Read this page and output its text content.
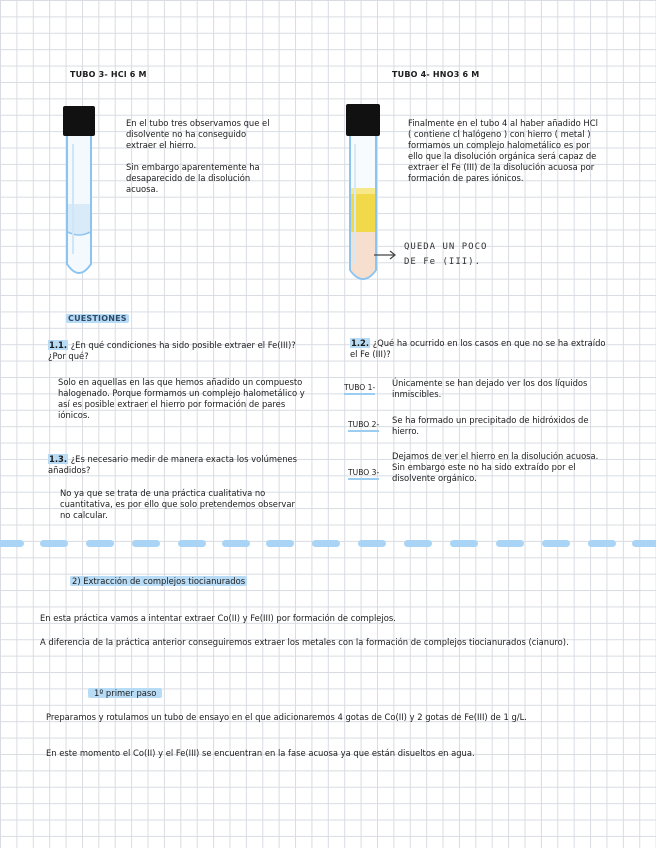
TUBO 3- HCl 6 M
En el tubo tres observamos que el disolvente no ha conseguido extraer el hierro.

Sin embargo aparentemente ha desaparecido de la disolución acuosa.
TUBO 4- HNO3 6 M
Finalmente en el tubo 4 al haber añadido HCl ( contiene cl halógeno ) con hierro ( metal ) formamos un complejo halometálico es por ello que la disolución orgánica será capaz de extraer el Fe (III) de la disolución acuosa por formación de pares iónicos.
QUEDA UN POCO
DE Fe (III).
CUESTIONES
1.1. ¿En qué condiciones ha sido posible extraer el Fe(III)? ¿Por qué?
Solo en aquellas en las que hemos añadido un compuesto halogenado. Porque formamos un complejo halometálico y así es posible extraer el hierro por formación de pares iónicos.
1.3. ¿Es necesario medir de manera exacta los volúmenes añadidos?
No ya que se trata de una práctica cualitativa no cuantitativa, es por ello que solo pretendemos observar no calcular.
1.2. ¿Qué ha ocurrido en los casos en que no se ha extraído el Fe (III)?
TUBO 1- Únicamente se han dejado ver los dos líquidos inmiscibles.
TUBO 2- Se ha formado un precipitado de hidróxidos de hierro.
TUBO 3-
Dejamos de ver el hierro en la disolución acuosa. Sin embargo este no ha sido extraído por el disolvente orgánico.
2) Extracción de complejos tiocianurados
En esta práctica vamos a intentar extraer Co(II) y Fe(III) por formación de complejos.
A diferencia de la práctica anterior conseguiremos extraer los metales con la formación de complejos tiocianurados (cianuro).
1º primer paso
Preparamos y rotulamos un tubo de ensayo en el que adicionaremos 4 gotas de Co(II) y 2 gotas de Fe(III) de 1 g/L.
En este momento el Co(II) y el Fe(III) se encuentran en la fase acuosa ya que están disueltos en agua.
